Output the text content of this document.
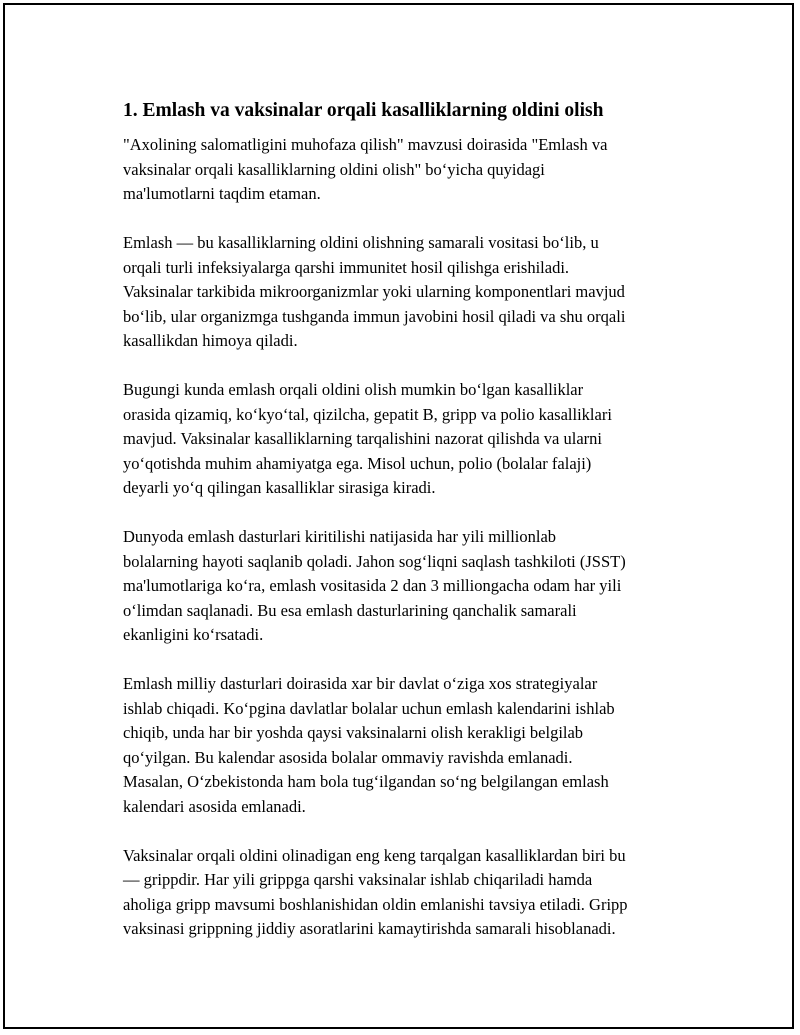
1. Emlash va vaksinalar orqali kasalliklarning oldini olish

"Axolining salomatligini muhofaza qilish" mavzusi doirasida "Emlash va
vaksinalar orqali kasalliklarning oldini olish" bo‘yicha quyidagi
ma'lumotlarni taqdim etaman.

Emlash — bu kasalliklarning oldini olishning samarali vositasi bo‘lib, u
orqali turli infeksiyalarga qarshi immunitet hosil qilishga erishiladi.
Vaksinalar tarkibida mikroorganizmlar yoki ularning komponentlari mavjud
bo‘lib, ular organizmga tushganda immun javobini hosil qiladi va shu orqali
kasallikdan himoya qiladi.

Bugungi kunda emlash orqali oldini olish mumkin bo‘lgan kasalliklar
orasida qizamiq, ko‘kyo‘tal, qizilcha, gepatit B, gripp va polio kasalliklari
mavjud. Vaksinalar kasalliklarning tarqalishini nazorat qilishda va ularni
yo‘qotishda muhim ahamiyatga ega. Misol uchun, polio (bolalar falaji)
deyarli yo‘q qilingan kasalliklar sirasiga kiradi.

Dunyoda emlash dasturlari kiritilishi natijasida har yili millionlab
bolalarning hayoti saqlanib qoladi. Jahon sog‘liqni saqlash tashkiloti (JSST)
ma'lumotlariga ko‘ra, emlash vositasida 2 dan 3 milliongacha odam har yili
o‘limdan saqlanadi. Bu esa emlash dasturlarining qanchalik samarali
ekanligini ko‘rsatadi.

Emlash milliy dasturlari doirasida xar bir davlat o‘ziga xos strategiyalar
ishlab chiqadi. Ko‘pgina davlatlar bolalar uchun emlash kalendarini ishlab
chiqib, unda har bir yoshda qaysi vaksinalarni olish kerakligi belgilab
qo‘yilgan. Bu kalendar asosida bolalar ommaviy ravishda emlanadi.
Masalan, O‘zbekistonda ham bola tug‘ilgandan so‘ng belgilangan emlash
kalendari asosida emlanadi.

Vaksinalar orqali oldini olinadigan eng keng tarqalgan kasalliklardan biri bu
— grippdir. Har yili grippga qarshi vaksinalar ishlab chiqariladi hamda
aholiga gripp mavsumi boshlanishidan oldin emlanishi tavsiya etiladi. Gripp
vaksinasi grippning jiddiy asoratlarini kamaytirishda samarali hisoblanadi.
